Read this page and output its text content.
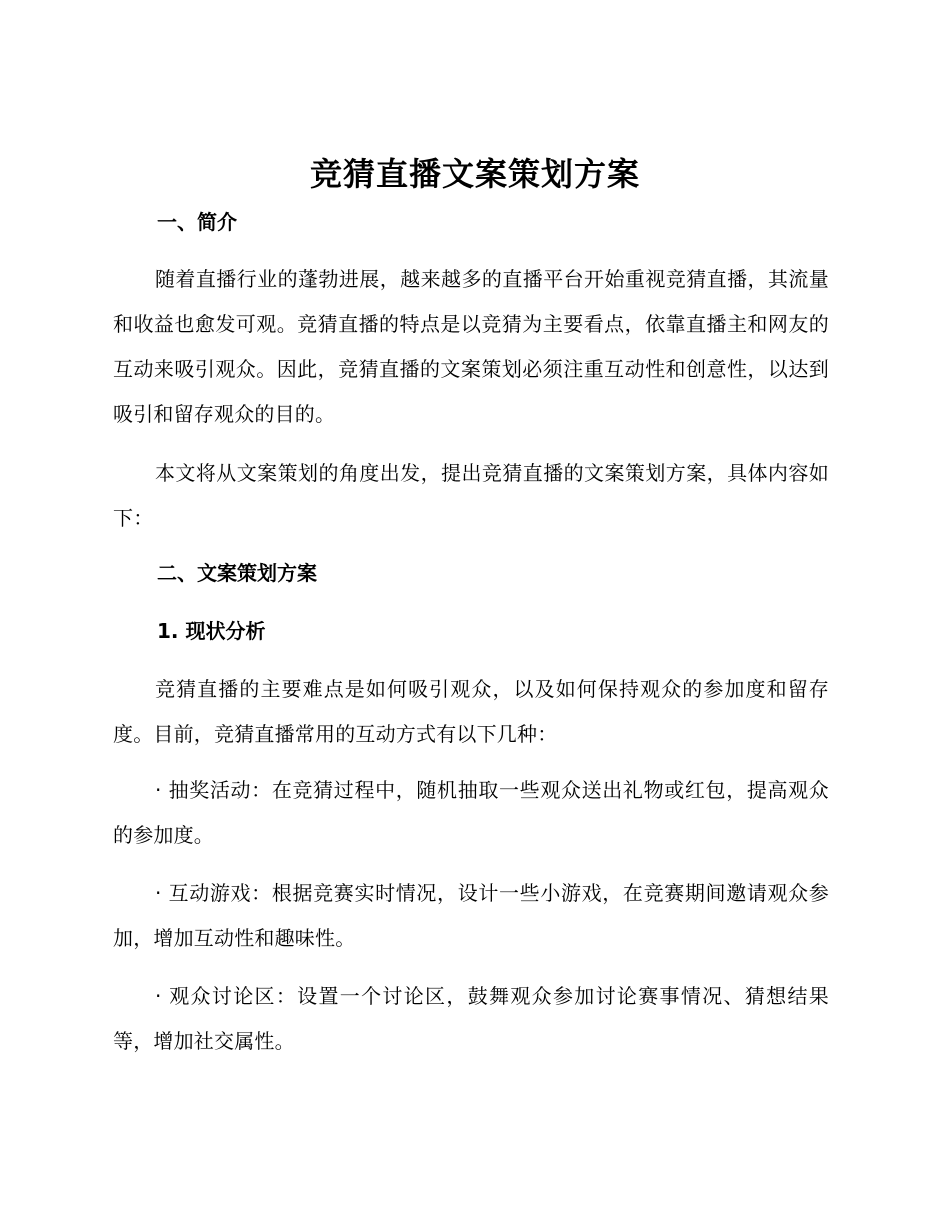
竞猜直播文案策划方案
一、简介
随着直播行业的蓬勃进展，越来越多的直播平台开始重视竞猜直播，其流量和收益也愈发可观。竞猜直播的特点是以竞猜为主要看点，依靠直播主和网友的互动来吸引观众。因此，竞猜直播的文案策划必须注重互动性和创意性，以达到吸引和留存观众的目的。
本文将从文案策划的角度出发，提出竞猜直播的文案策划方案，具体内容如下：
二、文案策划方案
1. 现状分析
竞猜直播的主要难点是如何吸引观众，以及如何保持观众的参加度和留存度。目前，竞猜直播常用的互动方式有以下几种：
· 抽奖活动：在竞猜过程中，随机抽取一些观众送出礼物或红包，提高观众的参加度。
· 互动游戏：根据竞赛实时情况，设计一些小游戏，在竞赛期间邀请观众参加，增加互动性和趣味性。
· 观众讨论区：设置一个讨论区，鼓舞观众参加讨论赛事情况、猜想结果等，增加社交属性。
